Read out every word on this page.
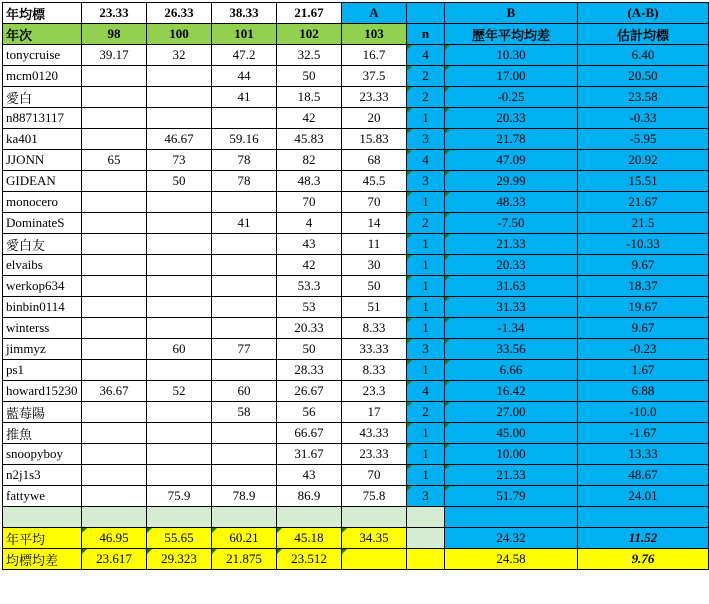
年均標	23.33	26.33	38.33	21.67	A		B	(A-B)
年次	98	100	101	102	103	n	歷年平均均差	估計均標
tonycruise	39.17	32	47.2	32.5	16.7	4	10.30	6.40
mcm0120			44	50	37.5	2	17.00	20.50
愛白			41	18.5	23.33	2	-0.25	23.58
n88713117				42	20	1	20.33	-0.33
ka401		46.67	59.16	45.83	15.83	3	21.78	-5.95
JJONN	65	73	78	82	68	4	47.09	20.92
GIDEAN		50	78	48.3	45.5	3	29.99	15.51
monocero				70	70	1	48.33	21.67
DominateS			41	4	14	2	-7.50	21.5
愛白友				43	11	1	21.33	-10.33
elvaibs				42	30	1	20.33	9.67
werkop634				53.3	50	1	31.63	18.37
binbin0114				53	51	1	31.33	19.67
winterss				20.33	8.33	1	-1.34	9.67
jimmyz		60	77	50	33.33	3	33.56	-0.23
ps1				28.33	8.33	1	6.66	1.67
howard15230	36.67	52	60	26.67	23.3	4	16.42	6.88
藍莓陽			58	56	17	2	27.00	-10.0
推魚				66.67	43.33	1	45.00	-1.67
snoopyboy				31.67	23.33	1	10.00	13.33
n2j1s3				43	70	1	21.33	48.67
fattywe		75.9	78.9	86.9	75.8	3	51.79	24.01

年平均	46.95	55.65	60.21	45.18	34.35		24.32	11.52
均標均差	23.617	29.323	21.875	23.512			24.58	9.76
